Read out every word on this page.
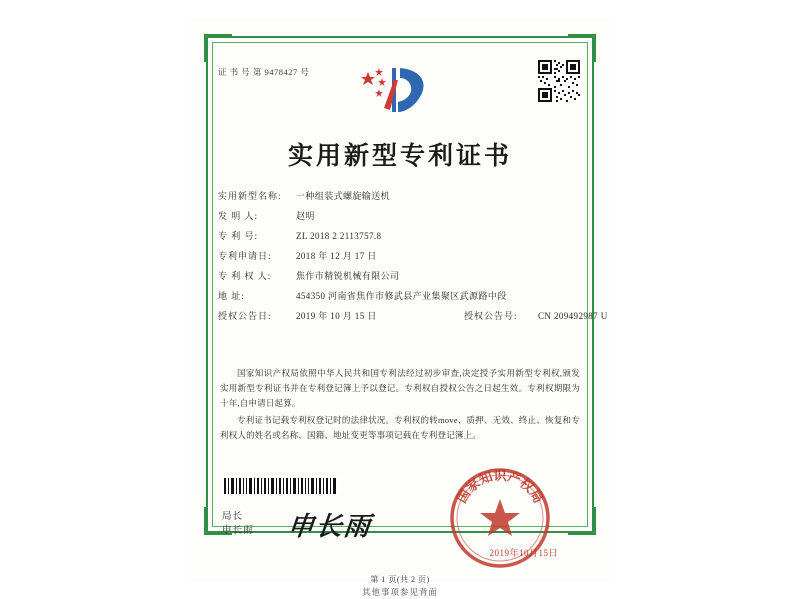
证 书 号 第 9478427 号
实用新型专利证书
实用新型名称:	一种组装式螺旋输送机
发 明 人:	赵明
专 利 号:	ZL 2018 2 2113757.8
专利申请日:	2018 年 12 月 17 日
专 利 权 人:	焦作市精锐机械有限公司
地 址:	454350 河南省焦作市修武县产业集聚区武源路中段
授权公告日:	2019 年 10 月 15 日	授权公告号:	CN 209492987 U

国家知识产权局依照中华人民共和国专利法经过初步审查,决定授予实用新型专利权,颁发实用新型专利证书并在专利登记簿上予以登记。专利权自授权公告之日起生效。专利权期限为十年,自申请日起算。

专利证书记载专利权登记时的法律状况。专利权的转move、质押、无效、终止、恢复和专利权人的姓名或名称、国籍、地址变更等事项记载在专利登记簿上。

局长
申长雨 申长雨
国家知识产权局
2019年10月15日
第 1 页(共 2 页)
其他事项参见背面
